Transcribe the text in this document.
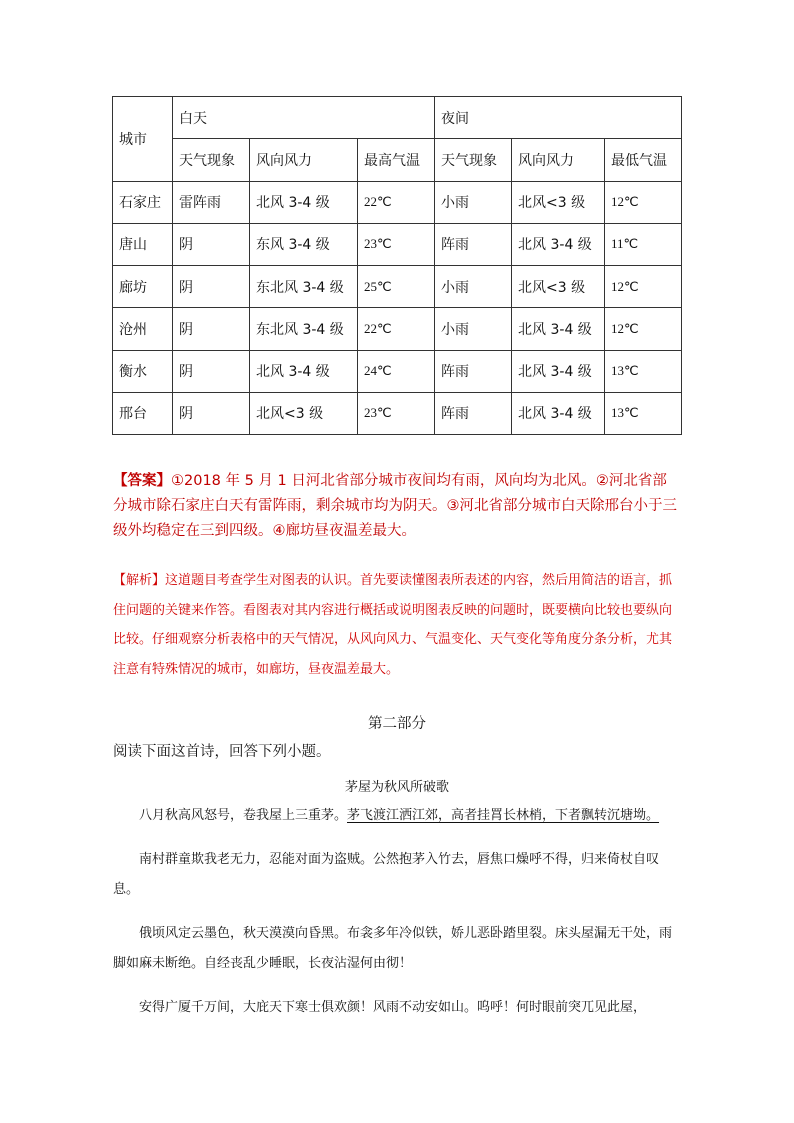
城市	白天			夜间		
	天气现象	风向风力	最高气温	天气现象	风向风力	最低气温
石家庄	雷阵雨	北风 3-4 级	22℃	小雨	北风<3 级	12℃
唐山	阴	东风 3-4 级	23℃	阵雨	北风 3-4 级	11℃
廊坊	阴	东北风 3-4 级	25℃	小雨	北风<3 级	12℃
沧州	阴	东北风 3-4 级	22℃	小雨	北风 3-4 级	12℃
衡水	阴	北风 3-4 级	24℃	阵雨	北风 3-4 级	13℃
邢台	阴	北风<3 级	23℃	阵雨	北风 3-4 级	13℃

【答案】①2018 年 5 月 1 日河北省部分城市夜间均有雨，风向均为北风。②河北省部分城市除石家庄白天有雷阵雨，剩余城市均为阴天。③河北省部分城市白天除邢台小于三级外均稳定在三到四级。④廊坊昼夜温差最大。

【解析】这道题目考查学生对图表的认识。首先要读懂图表所表述的内容，然后用简洁的语言，抓住问题的关键来作答。看图表对其内容进行概括或说明图表反映的问题时，既要横向比较也要纵向比较。仔细观察分析表格中的天气情况，从风向风力、气温变化、天气变化等角度分条分析，尤其注意有特殊情况的城市，如廊坊，昼夜温差最大。

第二部分

阅读下面这首诗，回答下列小题。

茅屋为秋风所破歌

八月秋高风怒号，卷我屋上三重茅。茅飞渡江洒江郊，高者挂罥长林梢，下者飘转沉塘坳。

南村群童欺我老无力，忍能对面为盗贼。公然抱茅入竹去，唇焦口燥呼不得，归来倚杖自叹息。

俄顷风定云墨色，秋天漠漠向昏黑。布衾多年冷似铁，娇儿恶卧踏里裂。床头屋漏无干处，雨脚如麻未断绝。自经丧乱少睡眠，长夜沾湿何由彻！

安得广厦千万间，大庇天下寒士俱欢颜！风雨不动安如山。呜呼！何时眼前突兀见此屋，
